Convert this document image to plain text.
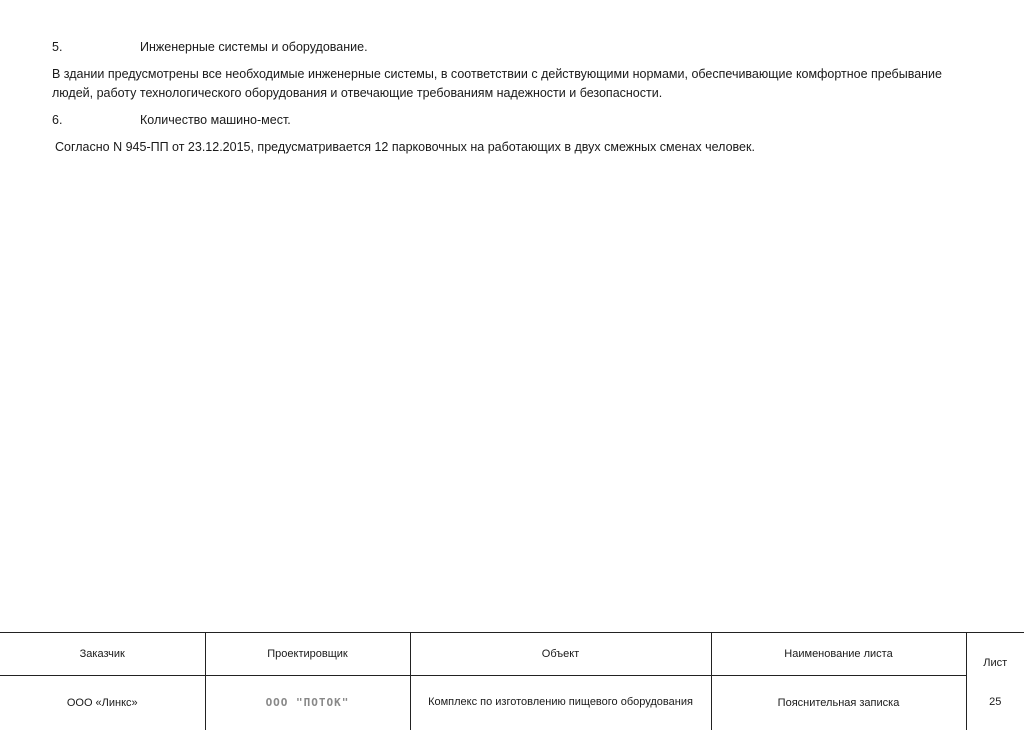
5.	Инженерные системы и оборудование.

В здании предусмотрены все необходимые инженерные системы, в соответствии с действующими нормами, обеспечивающие комфортное пребывание людей, работу технологического оборудования и отвечающие требованиям надежности и безопасности.

6.	Количество машино-мест.

Согласно N 945-ПП от 23.12.2015, предусматривается 12 парковочных на работающих в двух смежных сменах человек.

Заказчик	Проектировщик	Объект	Наименование листа	Лист
ООО «Линкс»	ООО "ПОТОК"	Комплекс по изготовлению пищевого оборудования	Пояснительная записка	25
